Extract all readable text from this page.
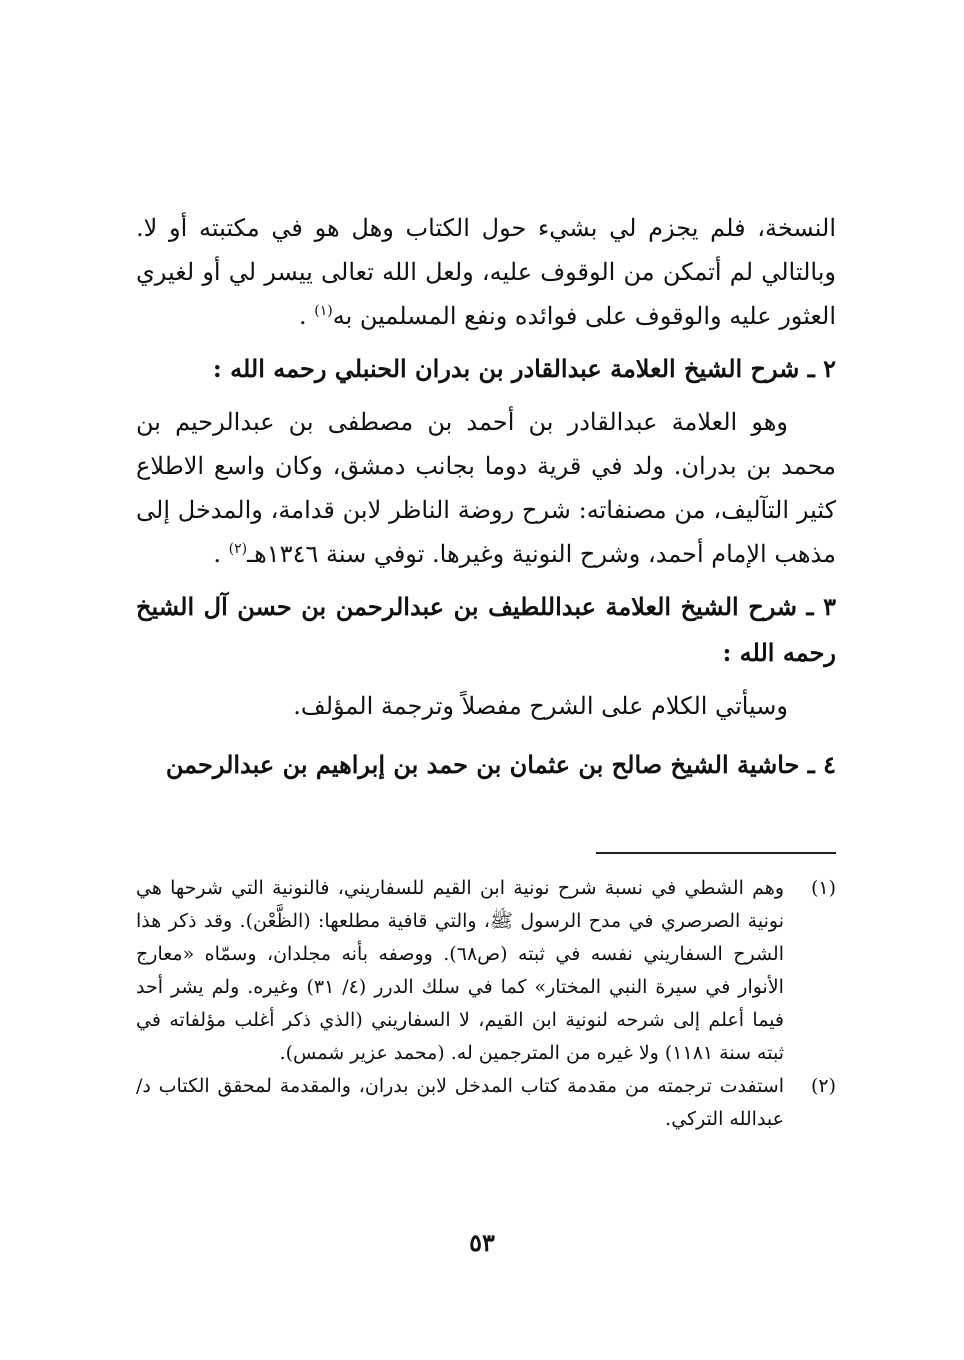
النسخة، فلم يجزم لي بشيء حول الكتاب وهل هو في مكتبته أو لا. وبالتالي لم أتمكن من الوقوف عليه، ولعل الله تعالى ييسر لي أو لغيري العثور عليه والوقوف على فوائده ونفع المسلمين به$^{(١)}$ .

٢ ـ شرح الشيخ العلامة عبدالقادر بن بدران الحنبلي رحمه الله :

وهو العلامة عبدالقادر بن أحمد بن مصطفى بن عبدالرحيم بن محمد بن بدران. ولد في قرية دوما بجانب دمشق، وكان واسع الاطلاع كثير التآليف، من مصنفاته: شرح روضة الناظر لابن قدامة، والمدخل إلى مذهب الإمام أحمد، وشرح النونية وغيرها. توفي سنة ١٣٤٦هـ$^{(٢)}$ .

٣ ـ شرح الشيخ العلامة عبداللطيف بن عبدالرحمن بن حسن آل الشيخ رحمه الله :

وسيأتي الكلام على الشرح مفصلاً وترجمة المؤلف.

٤ ـ حاشية الشيخ صالح بن عثمان بن حمد بن إبراهيم بن عبدالرحمن

(١)
وهم الشطي في نسبة شرح نونية ابن القيم للسفاريني، فالنونية التي شرحها هي نونية الصرصري في مدح الرسول ﷺ، والتي قافية مطلعها: (الظَّعْن). وقد ذكر هذا الشرح السفاريني نفسه في ثبته (ص٦٨). ووصفه بأنه مجلدان، وسمّاه «معارج الأنوار في سيرة النبي المختار» كما في سلك الدرر (٤/ ٣١) وغيره. ولم يشر أحد فيما أعلم إلى شرحه لنونية ابن القيم، لا السفاريني (الذي ذكر أغلب مؤلفاته في ثبته سنة ١١٨١) ولا غيره من المترجمين له. (محمد عزير شمس).
(٢)
استفدت ترجمته من مقدمة كتاب المدخل لابن بدران، والمقدمة لمحقق الكتاب د/ عبدالله التركي.
٥٣
